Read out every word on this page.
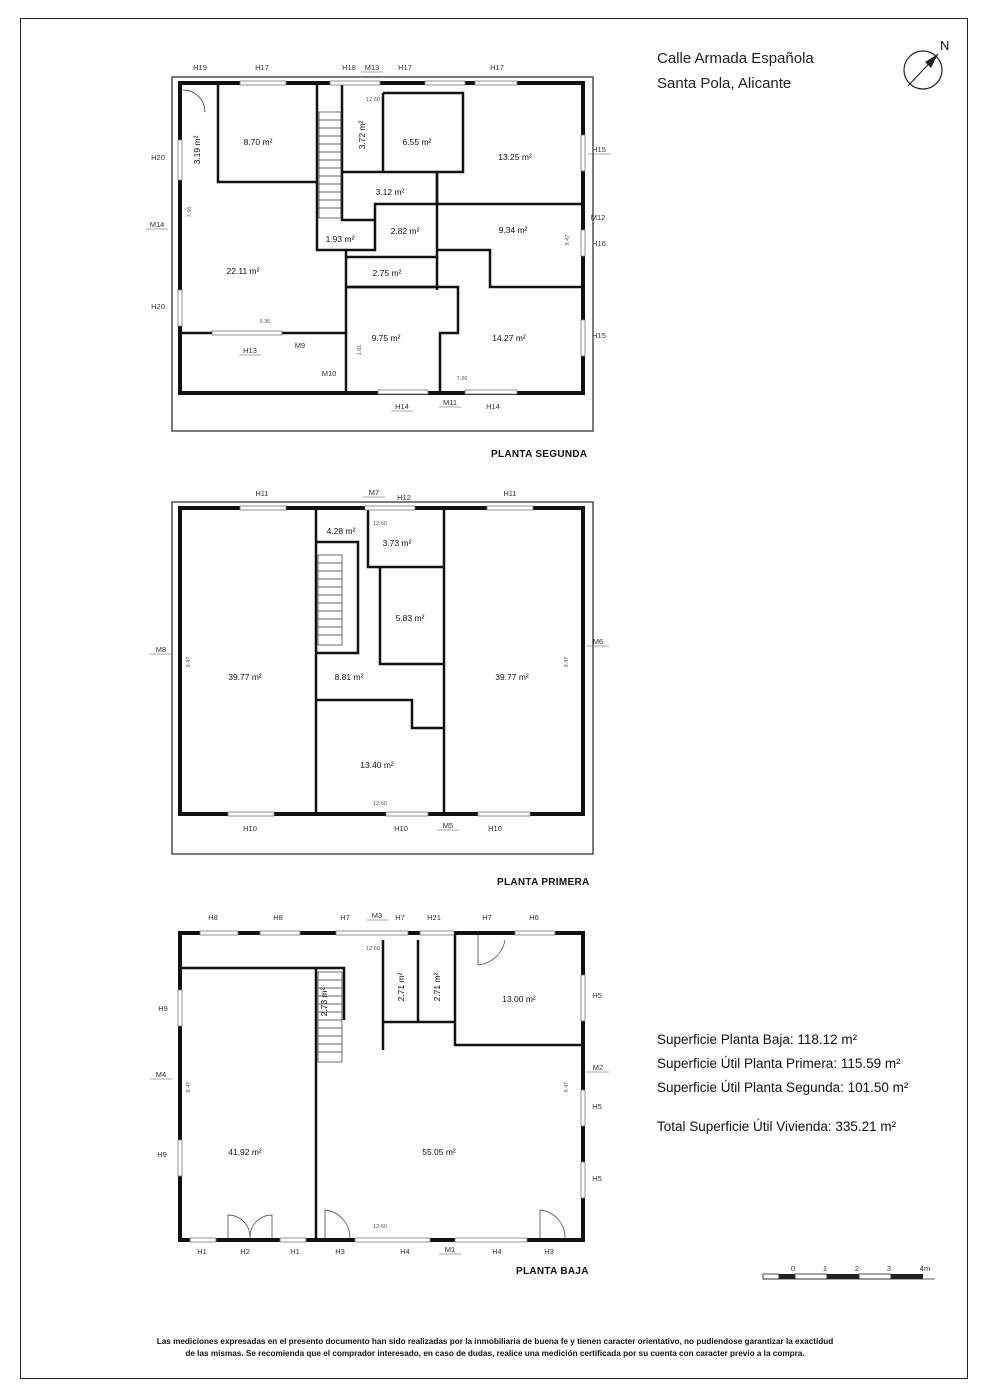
Calle Armada Española
Santa Pola, Alicante
N
8.70 m²
3.19 m²
3.72 m²	6.55 m²
13.25 m²
3.12 m²
2.82 m²
1.93 m²
9.34 m²
22.11 m²	2.75 m²
9.75 m²	14.27 m²
H19	H17	H18 M13	H17	H17
H20
M14
H20
H15
M12
H16
H15
H13
M9
M10
H14	M11	H14
12.60
7.66
9.47
5.36
1.61
7.26
4.28 m²
3.73 m²
5.83 m²
39.77 m²	8.81 m²	39.77 m²
13.40 m²
H11	M7
H12	H11
M8
M6
H10	H10	M5	H10
12.60
9.47	9.47
12.60
2.71 m²	2.71 m²	13.00 m²
2.73 m²
41.92 m²	55.05 m²
H8	H8	H7	M3 H7	H21	H7	H6
H9
M4
H9
H5
M2
H5
H5
H1	H2	H1	H3	H4	M1	H4	H3
12.60
9.47	9.47
12.60
0	1	2	3	4m
PLANTA SEGUNDA
PLANTA PRIMERA
PLANTA BAJA
Superficie Planta Baja: 118.12 m²
Superficie Útil Planta Primera: 115.59 m²
Superficie Útil Planta Segunda: 101.50 m²
Total Superficie Útil Vivienda: 335.21 m²
Las mediciones expresadas en el presento documento han sido realizadas por la inmobiliaria de buena fe y tienen caracter orientativo, no pudiendose garantizar la exactidud
de las mismas. Se recomienda que el comprador interesado, en caso de dudas, realice una medición certificada por su cuenta con caracter previo a la compra.
